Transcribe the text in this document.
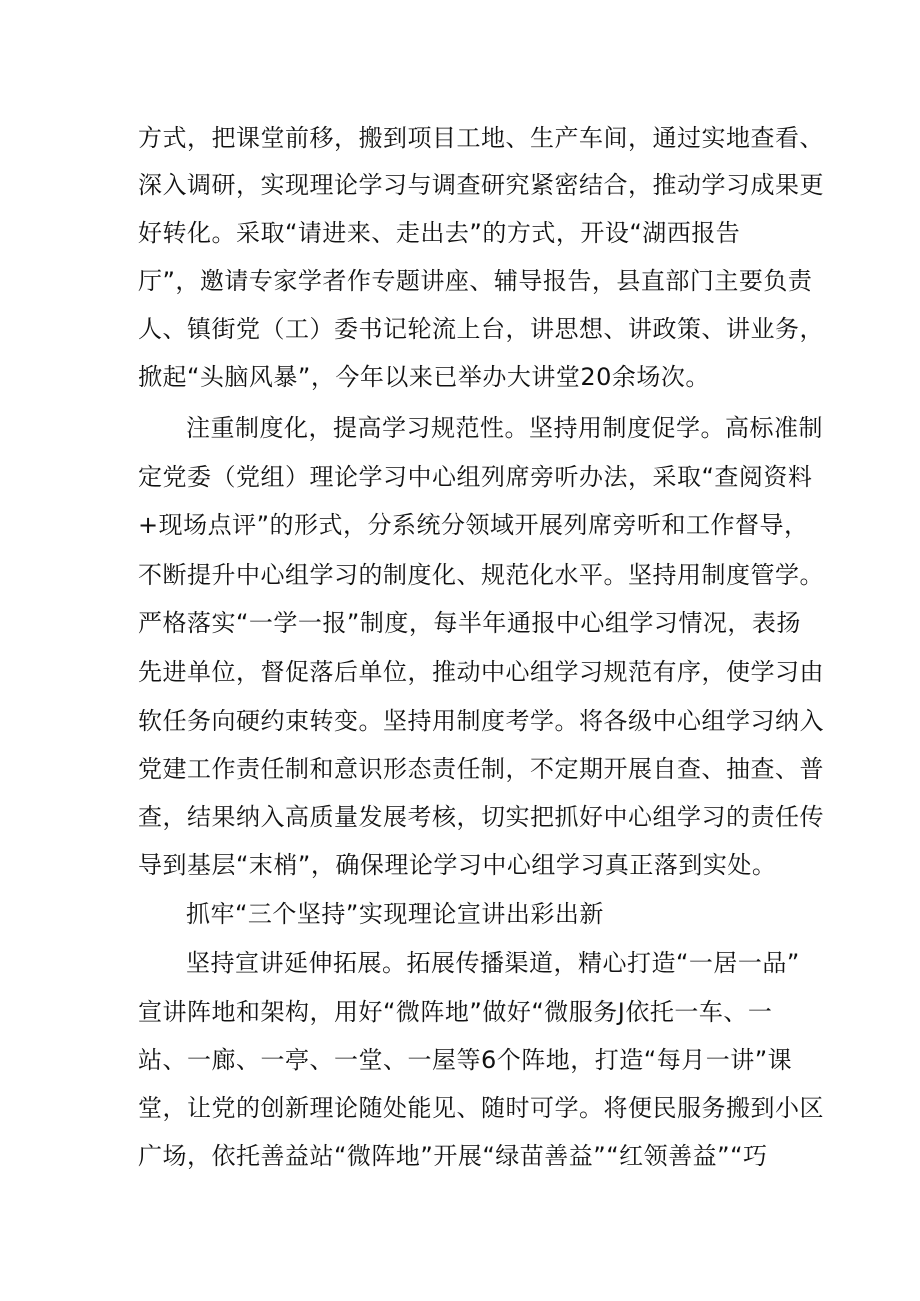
方式，把课堂前移，搬到项目工地、生产车间，通过实地查看、
深入调研，实现理论学习与调查研究紧密结合，推动学习成果更
好转化。采取“请进来、走出去”的方式，开设“湖西报告
厅”，邀请专家学者作专题讲座、辅导报告，县直部门主要负责
人、镇街党（工）委书记轮流上台，讲思想、讲政策、讲业务，
掀起“头脑风暴”，今年以来已举办大讲堂20余场次。
注重制度化，提高学习规范性。坚持用制度促学。高标准制
定党委（党组）理论学习中心组列席旁听办法，采取“查阅资料
+现场点评”的形式，分系统分领域开展列席旁听和工作督导，
不断提升中心组学习的制度化、规范化水平。坚持用制度管学。
严格落实“一学一报”制度，每半年通报中心组学习情况，表扬
先进单位，督促落后单位，推动中心组学习规范有序，使学习由
软任务向硬约束转变。坚持用制度考学。将各级中心组学习纳入
党建工作责任制和意识形态责任制，不定期开展自查、抽查、普
查，结果纳入高质量发展考核，切实把抓好中心组学习的责任传
导到基层“末梢”，确保理论学习中心组学习真正落到实处。
抓牢“三个坚持”实现理论宣讲出彩出新
坚持宣讲延伸拓展。拓展传播渠道，精心打造“一居一品”
宣讲阵地和架构，用好“微阵地”做好“微服务J依托一车、一
站、一廊、一亭、一堂、一屋等6个阵地，打造“每月一讲”课
堂，让党的创新理论随处能见、随时可学。将便民服务搬到小区
广场，依托善益站“微阵地”开展“绿苗善益”“红领善益”“巧
